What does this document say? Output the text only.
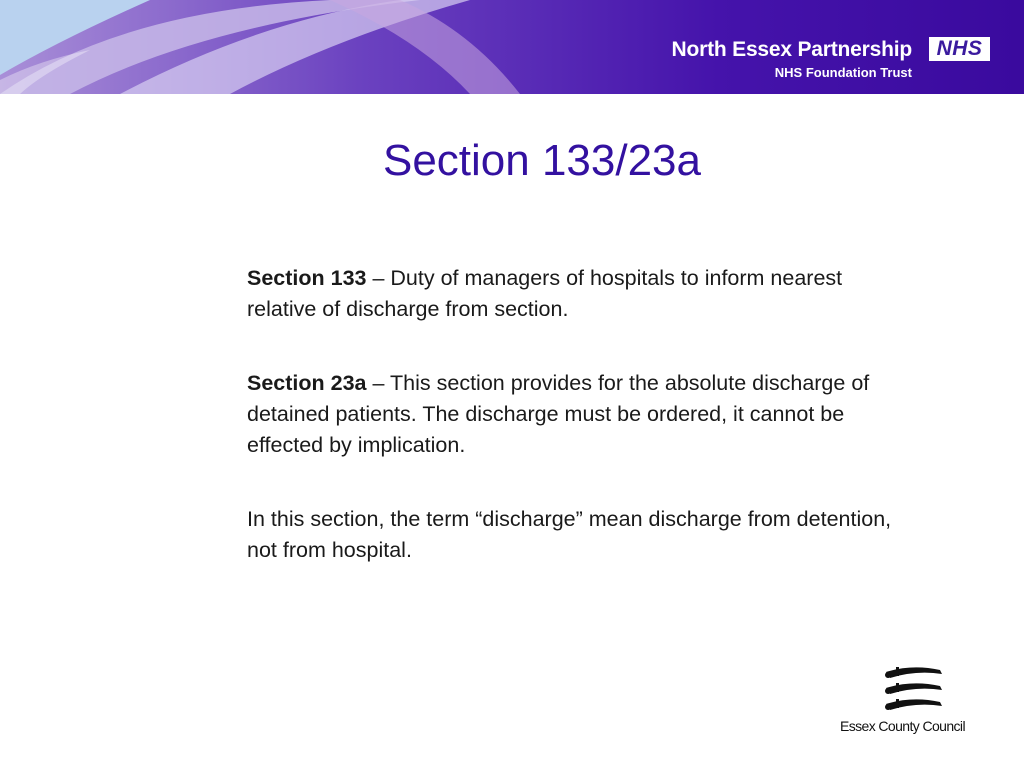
North Essex Partnership
NHS Foundation Trust
NHS
Section 133/23a

Section 133 – Duty of managers of hospitals to inform nearest relative of discharge from section.

Section 23a – This section provides for the absolute discharge of detained patients. The discharge must be ordered, it cannot be effected by implication.

In this section, the term “discharge” mean discharge from detention, not from hospital.

Essex County Council
